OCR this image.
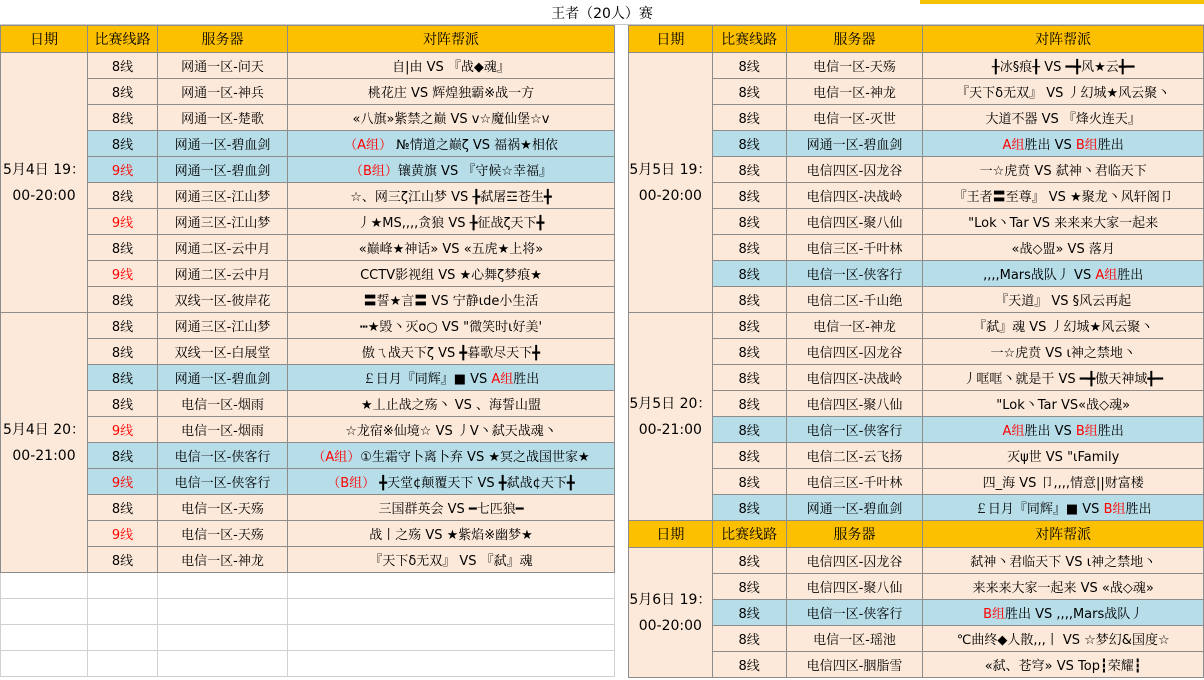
王者（20人）赛
日期	比赛线路	服务器	对阵帮派
5月4日 19：00-20:00	8线	网通一区-问天	自|由 VS 『战◆魂』
	8线	网通一区-神兵	桃花庄 VS 辉煌独霸※战一方
	8线	网通一区-楚歌	«八旗»紫禁之巅 VS v☆魔仙堡☆v
	8线	网通一区-碧血剑	（A组） №情道之巅ζ VS 福祸★相依
	9线	网通一区-碧血剑	（B组）镶黄旗 VS 『守候☆幸福』
	8线	网通三区-江山梦	☆、网三ζ江山梦 VS ╊弑屠☲苍生╋
	9线	网通三区-江山梦	丿★MS,,,,贪狼 VS ╊征战ζ天下╋
	8线	网通二区-云中月	«巅峰★神话» VS «五虎★上将»
	9线	网通二区-云中月	CCTV影视组 VS ★心舞ζ梦痕★
	8线	双线一区-彼岸花	〓誓★言〓 VS 宁静ιde小生活
5月4日 20：00-21:00	8线	网通三区-江山梦	┅★毁丶灭o○ VS "微笑时ι好美'
	8线	双线一区-白展堂	傲ㄟ战天下ζ VS ╋暮歌尽天下╋
	8线	网通一区-碧血剑	￡日月『同辉』■ VS A组胜出
	8线	电信一区-烟雨	★丄止战之殇丶 VS 、海誓山盟
	9线	电信一区-烟雨	☆龙宿※仙境☆ VS 丿V丶弑天战魂丶
	8线	电信一区-侠客行	（A组）①生霜守卜离卜弃 VS ★冥之战国世家★
	9线	电信一区-侠客行	（B组） ╋天堂¢颠覆天下 VS ╋弑战¢天下╋
	8线	电信一区-天殇	三国群英会 VS ━七匹狼━
	9线	电信一区-天殇	战丨之殇 VS ★紫焰※幽梦★
	8线	电信一区-神龙	『天下δ无双』 VS 『弑』魂

日期	比赛线路	服务器	对阵帮派
5月5日 19：00-20:00	8线	电信一区-天殇	╂冰§痕╂ VS ━╋风★云╋━
	8线	电信一区-神龙	『天下δ无双』 VS 丿幻城★风云聚丶
	8线	电信一区-灭世	大道不器 VS 『烽火连天』
	8线	网通一区-碧血剑	A组胜出 VS B组胜出
	8线	电信四区-囚龙谷	一☆虎贲 VS 弑神丶君临天下
	8线	电信四区-决战岭	『王者〓至尊』 VS ★聚龙丶风轩阁卩
	8线	电信四区-聚八仙	"Lok丶Tar VS 来来来大家一起来
	8线	电信三区-千叶林	«战◇盟» VS 落月
	8线	电信一区-侠客行	,,,,Mars战队丿 VS A组胜出
	8线	电信二区-千山绝	『天道』 VS §风云再起
5月5日 20：00-21:00	8线	电信一区-神龙	『弑』魂 VS 丿幻城★风云聚丶
	8线	电信四区-囚龙谷	一☆虎贲 VS ι神之禁地丶
	8线	电信四区-决战岭	丿哐哐丶就是干 VS ━╋傲天神域╋━
	8线	电信四区-聚八仙	"Lok丶Tar VS«战◇魂»
	8线	电信一区-侠客行	A组胜出 VS B组胜出
	8线	电信二区-云飞扬	灭ψ世 VS "ιFamily
	8线	电信三区-千叶林	四_海 VS 卩,,,,情意||财富楼
	8线	网通一区-碧血剑	￡日月『同辉』■ VS B组胜出
日期	比赛线路	服务器	对阵帮派
5月6日 19：00-20:00	8线	电信四区-囚龙谷	弑神丶君临天下 VS ι神之禁地丶
	8线	电信四区-聚八仙	来来来大家一起来 VS «战◇魂»
	8线	电信一区-侠客行	B组胜出 VS ,,,,Mars战队丿
	8线	电信一区-瑶池	℃曲终◆人散,,,丨 VS ☆梦幻&国度☆
	8线	电信四区-胭脂雪	«弑、苍穹» VS Top┇荣耀┇
